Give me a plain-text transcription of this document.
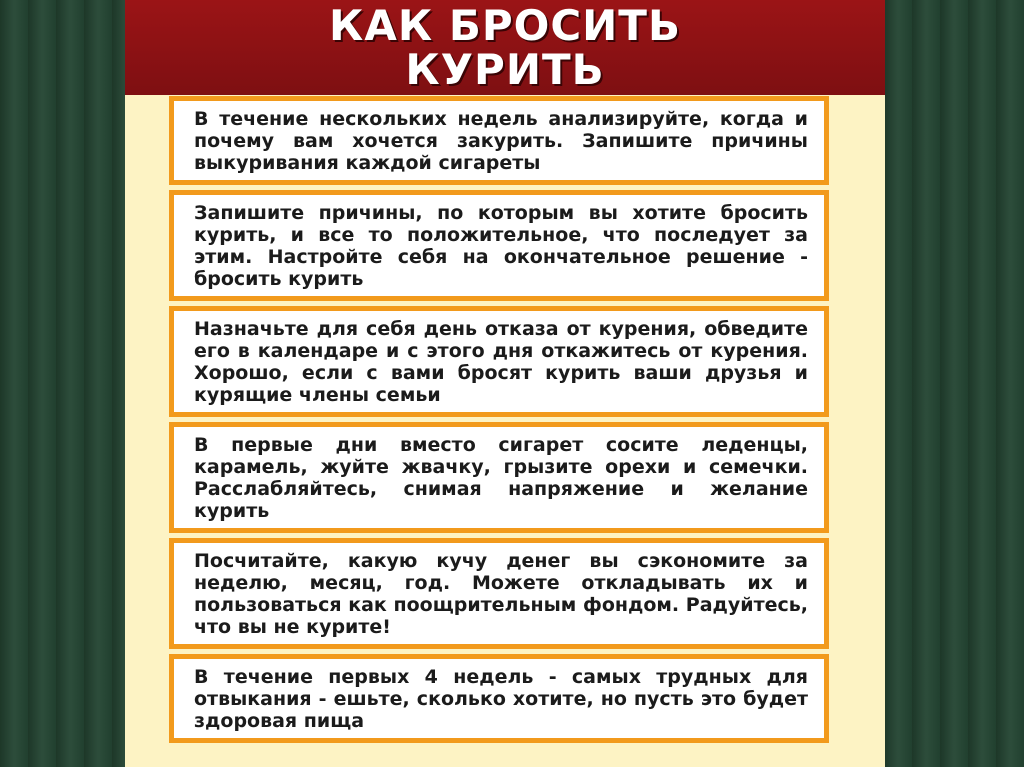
КАК БРОСИТЬ
КУРИТЬ
В течение нескольких недель анализируйте, когда и почему вам хочется закурить. Запишите причины выкуривания каждой сигареты
Запишите причины, по которым вы хотите бросить курить, и все то положительное, что последует за этим. Настройте себя на окончательное решение - бросить курить
Назначьте для себя день отказа от курения, обведите его в календаре и с этого дня откажитесь от курения. Хорошо, если с вами бросят курить ваши друзья и курящие члены семьи
В первые дни вместо сигарет сосите леденцы, карамель, жуйте жвачку, грызите орехи и семечки. Расслабляйтесь, снимая напряжение и желание курить
Посчитайте, какую кучу денег вы сэкономите за неделю, месяц, год. Можете откладывать их и пользоваться как поощрительным фондом. Радуйтесь, что вы не курите!
В течение первых 4 недель - самых трудных для отвыкания - ешьте, сколько хотите, но пусть это будет здоровая пища
